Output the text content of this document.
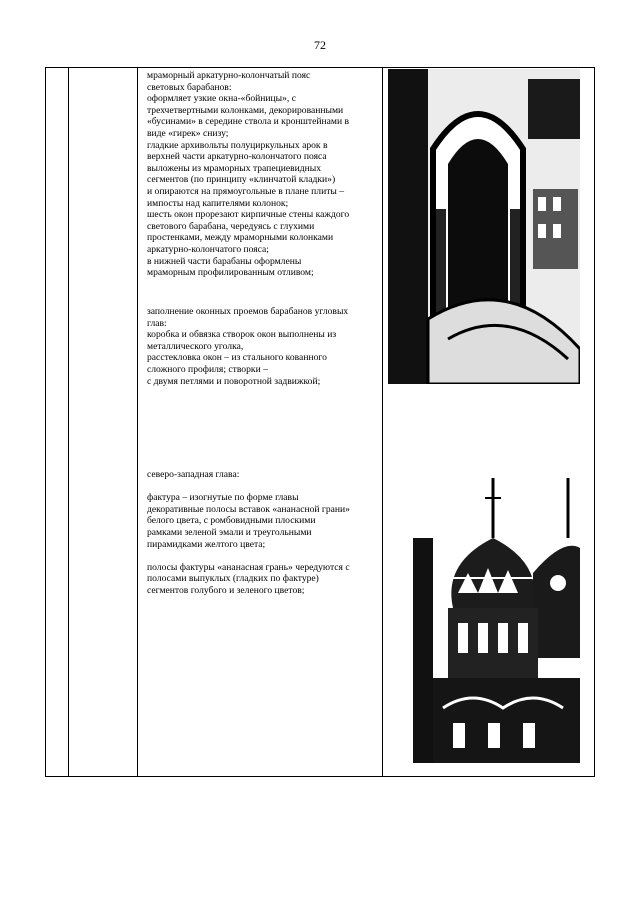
72

мраморный аркатурно-колончатый пояс

световых барабанов:

оформляет узкие окна-«бойницы», с

трехчетвертными колонками, декорированными

«бусинами» в середине ствола и кронштейнами в

виде «гирек» снизу;

гладкие архивольты полуциркульных арок в

верхней части аркатурно-колончатого пояса

выложены из мраморных трапециевидных

сегментов (по принципу «клинчатой кладки»)

и опираются на прямоугольные в плане плиты –

импосты над капителями колонок;

шесть окон прорезают кирпичные стены каждого

светового барабана, чередуясь с глухими

простенками, между мраморными колонками

аркатурно-колончатого пояса;

в нижней части барабаны оформлены

мраморным профилированным отливом;

заполнение оконных проемов барабанов угловых

глав:

коробка и обвязка створок окон выполнены из

металлического уголка,

расстекловка окон – из стального кованного

сложного профиля; створки –

с двумя петлями и поворотной задвижкой;

северо-западная глава:

фактура – изогнутые по форме главы

декоративные полосы вставок «ананасной грани»

белого цвета, с ромбовидными плоскими

рамками зеленой эмали и треугольными

пирамидками желтого цвета;

полосы фактуры «ананасная грань» чередуются с

полосами выпуклых (гладких по фактуре)

сегментов голубого и зеленого цветов;
